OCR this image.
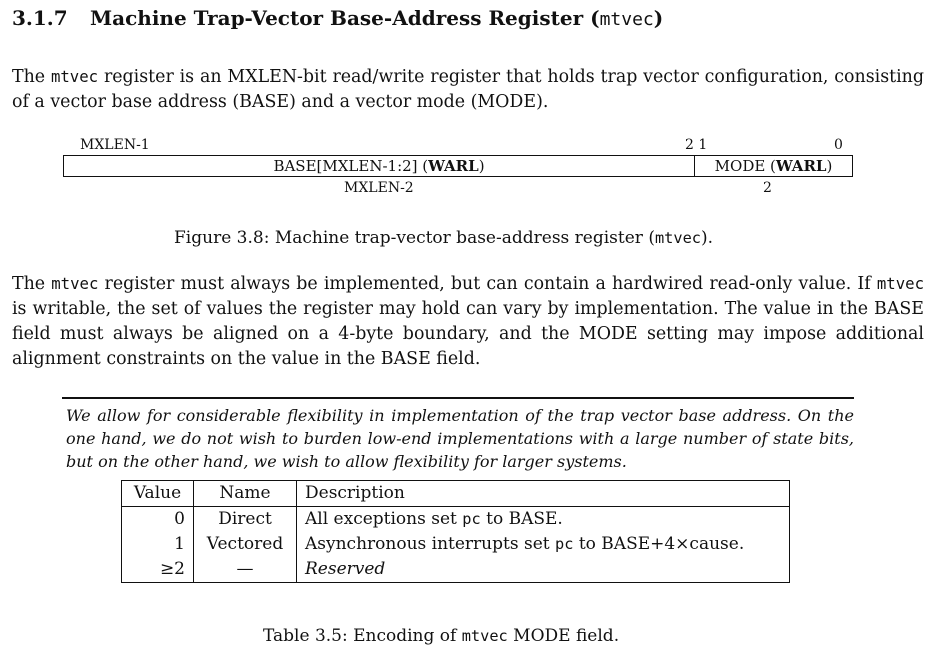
3.1.7 Machine Trap-Vector Base-Address Register (mtvec)
The mtvec register is an MXLEN-bit read/write register that holds trap vector configuration, consisting of a vector base address (BASE) and a vector mode (MODE).
MXLEN-1	2 1	0
BASE[MXLEN-1:2] (WARL)	MODE (WARL)
MXLEN-2	2
Figure 3.8: Machine trap-vector base-address register (mtvec).
The mtvec register must always be implemented, but can contain a hardwired read-only value. If mtvec is writable, the set of values the register may hold can vary by implementation. The value in the BASE field must always be aligned on a 4-byte boundary, and the MODE setting may impose additional alignment constraints on the value in the BASE field.
We allow for considerable flexibility in implementation of the trap vector base address. On the one hand, we do not wish to burden low-end implementations with a large number of state bits, but on the other hand, we wish to allow flexibility for larger systems.
Value	Name	Description
0	Direct	All exceptions set pc to BASE.
1	Vectored	Asynchronous interrupts set pc to BASE+4×cause.
≥2	—	Reserved
Table 3.5: Encoding of mtvec MODE field.
